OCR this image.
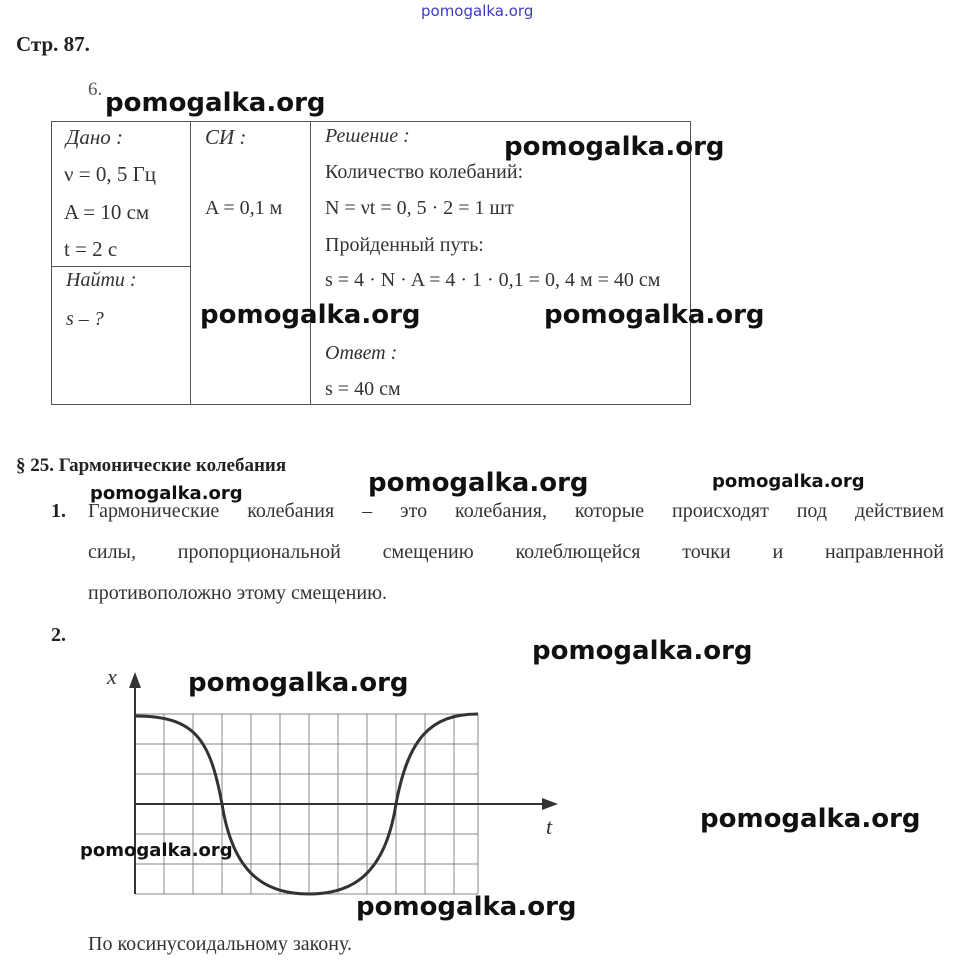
pomogalka.org
Стр. 87.
6.
Дано :
ν = 0, 5 Гц
A = 10 см
t = 2 с
Найти :
s – ?
СИ :
A = 0,1 м
Решение :
Количество колебаний:
N = νt = 0, 5 · 2 = 1 шт
Пройденный путь:
s = 4 · N · A = 4 · 1 · 0,1 = 0, 4 м = 40 см
Ответ :
s = 40 см
§ 25. Гармонические колебания
1. Гармонические колебания – это колебания, которые происходят под действием
силы, пропорциональной смещению колеблющейся точки и направленной
противоположно этому смещению.
2.
x
t
По косинусоидальному закону.
pomogalka.org
pomogalka.org
pomogalka.org	pomogalka.org
pomogalka.org	pomogalka.org
pomogalka.org
pomogalka.org
pomogalka.org
pomogalka.org
pomogalka.org
pomogalka.org
